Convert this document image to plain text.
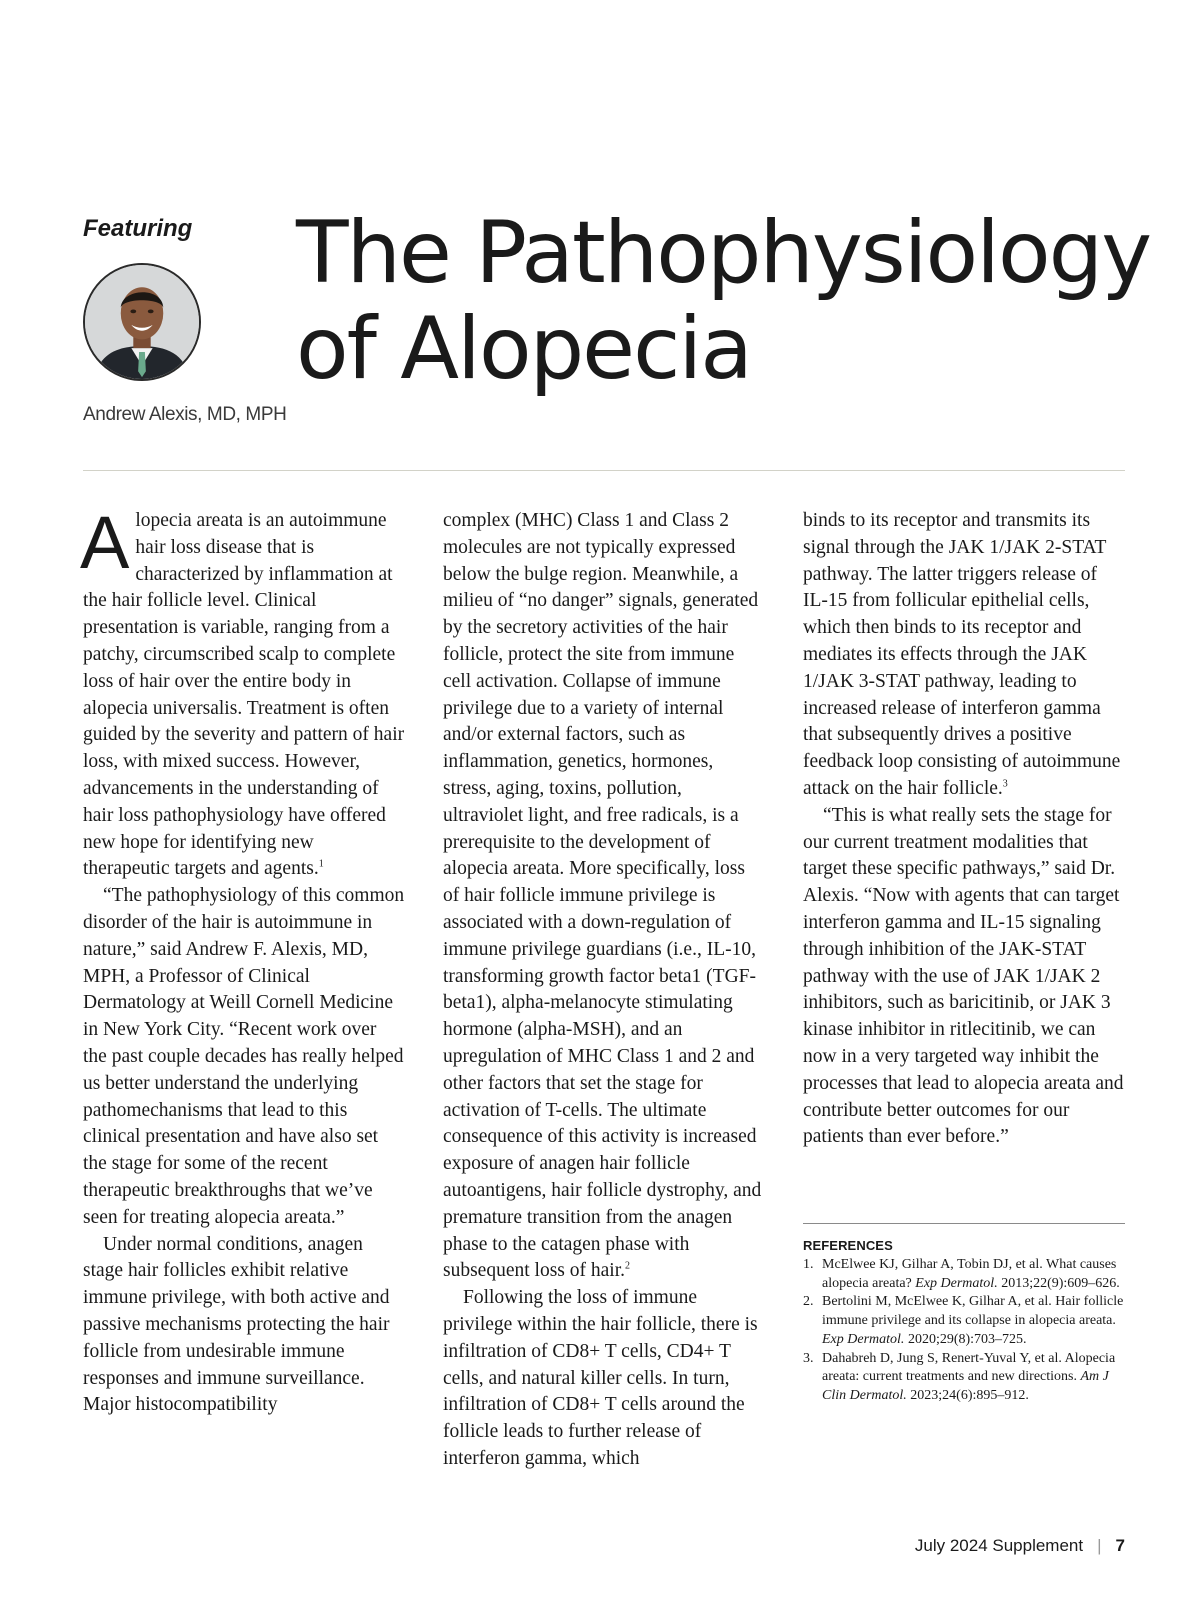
Featuring
Andrew Alexis, MD, MPH
The Pathophysiology
of Alopecia

Alopecia areata is an autoimmune hair loss disease that is characterized by inflammation at the hair follicle level. Clinical presentation is variable, ranging from a patchy, circumscribed scalp to complete loss of hair over the entire body in alopecia universalis. Treatment is often guided by the severity and pattern of hair loss, with mixed success. However, advancements in the understanding of hair loss pathophysiology have offered new hope for identifying new therapeutic targets and agents.$^1$

“The pathophysiology of this common disorder of the hair is autoimmune in nature,” said Andrew F. Alexis, MD, MPH, a Professor of Clinical Dermatology at Weill Cornell Medicine in New York City. “Recent work over the past couple decades has really helped us better understand the underlying pathomechanisms that lead to this clinical presentation and have also set the stage for some of the recent therapeutic breakthroughs that we’ve seen for treating alopecia areata.”

Under normal conditions, anagen stage hair follicles exhibit relative immune privilege, with both active and passive mechanisms protecting the hair follicle from undesirable immune responses and immune surveillance. Major histocompatibility

complex (MHC) Class 1 and Class 2 molecules are not typically expressed below the bulge region. Meanwhile, a milieu of “no danger” signals, generated by the secretory activities of the hair follicle, protect the site from immune cell activation. Collapse of immune privilege due to a variety of internal and/or external factors, such as inflammation, genetics, hormones, stress, aging, toxins, pollution, ultraviolet light, and free radicals, is a prerequisite to the development of alopecia areata. More specifically, loss of hair follicle immune privilege is associated with a down-regulation of immune privilege guardians (i.e., IL-10, transforming growth factor beta1 (TGF-beta1), alpha-melanocyte stimulating hormone (alpha-MSH), and an upregulation of MHC Class 1 and 2 and other factors that set the stage for activation of T-cells. The ultimate consequence of this activity is increased exposure of anagen hair follicle autoantigens, hair follicle dystrophy, and premature transition from the anagen phase to the catagen phase with subsequent loss of hair.$^2$

Following the loss of immune privilege within the hair follicle, there is infiltration of CD8+ T cells, CD4+ T cells, and natural killer cells. In turn, infiltration of CD8+ T cells around the follicle leads to further release of interferon gamma, which

binds to its receptor and transmits its signal through the JAK 1/JAK 2-STAT pathway. The latter triggers release of IL-15 from follicular epithelial cells, which then binds to its receptor and mediates its effects through the JAK 1/JAK 3-STAT pathway, leading to increased release of interferon gamma that subsequently drives a positive feedback loop consisting of autoimmune attack on the hair follicle.$^3$

“This is what really sets the stage for our current treatment modalities that target these specific pathways,” said Dr. Alexis. “Now with agents that can target interferon gamma and IL-15 signaling through inhibition of the JAK-STAT pathway with the use of JAK 1/JAK 2 inhibitors, such as baricitinib, or JAK 3 kinase inhibitor in ritlecitinib, we can now in a very targeted way inhibit the processes that lead to alopecia areata and contribute better outcomes for our patients than ever before.”

REFERENCES
1. McElwee KJ, Gilhar A, Tobin DJ, et al. What causes alopecia areata? Exp Dermatol. 2013;22(9):609–626.
2. Bertolini M, McElwee K, Gilhar A, et al. Hair follicle immune privilege and its collapse in alopecia areata. Exp Dermatol. 2020;29(8):703–725.
3. Dahabreh D, Jung S, Renert-Yuval Y, et al. Alopecia areata: current treatments and new directions. Am J Clin Dermatol. 2023;24(6):895–912.
July 2024 Supplement | 7
